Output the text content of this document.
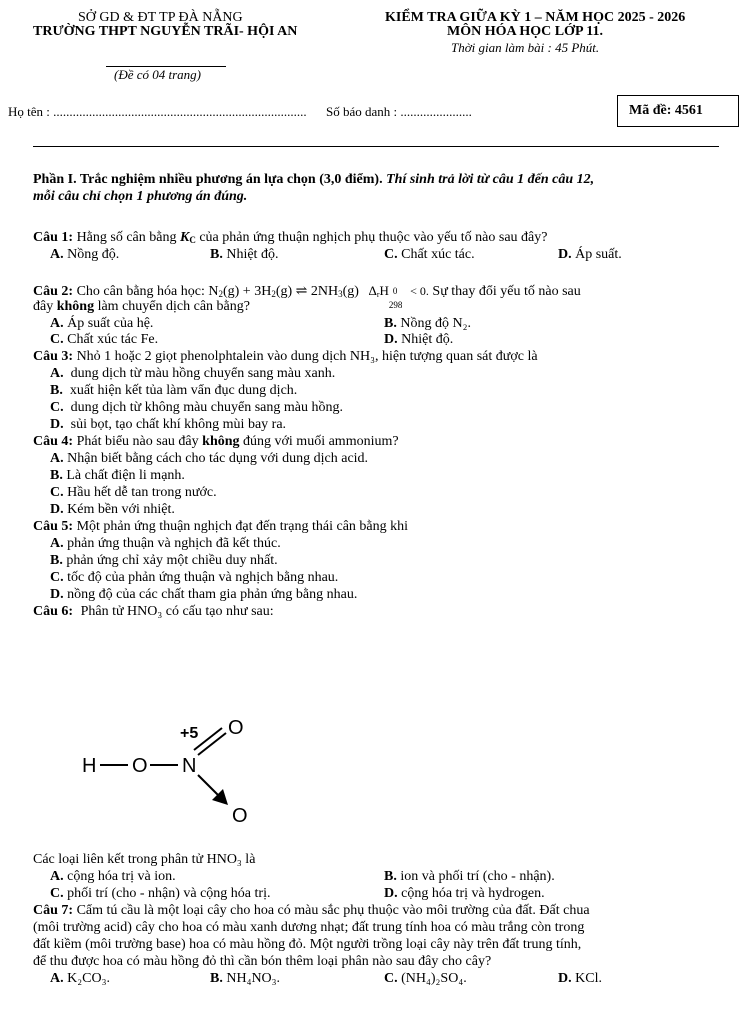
SỞ GD & ĐT TP ĐÀ NẴNG
TRƯỜNG THPT NGUYỄN TRÃI- HỘI AN
(Đề có 04 trang)
KIỂM TRA GIỮA KỲ 1 – NĂM HỌC 2025 - 2026
MÔN HÓA HỌC LỚP 11.
Thời gian làm bài : 45 Phút.
Họ tên : .............................................................................. Số báo danh : ......................	Mã đề: 4561
Phần I. Trắc nghiệm nhiều phương án lựa chọn (3,0 điểm). Thí sinh trả lời từ câu 1 đến câu 12,
mỗi câu chỉ chọn 1 phương án đúng.
Câu 1: Hằng số cân bằng $K_C$ của phản ứng thuận nghịch phụ thuộc vào yếu tố nào sau đây?
A. Nồng độ.	B. Nhiệt độ.	C. Chất xúc tác.	D. Áp suất.
Câu 2: Cho cân bằng hóa học: $N_2(g) + 3H_2(g)$ ⇌ $2NH_3(g)$ $\Delta_rH$ 0
298
< 0. Sự thay đổi yếu tố nào sau
đây không làm chuyển dịch cân bằng?
A. Áp suất của hệ.	B. Nồng độ N₂.
C. Chất xúc tác Fe.	D. Nhiệt độ.
Câu 3: Nhỏ 1 hoặc 2 giọt phenolphtalein vào dung dịch NH₃, hiện tượng quan sát được là
A. dung dịch từ màu hồng chuyển sang màu xanh.
B. xuất hiện kết tủa làm vẩn đục dung dịch.
C. dung dịch từ không màu chuyển sang màu hồng.
D. sủi bọt, tạo chất khí không mùi bay ra.
Câu 4: Phát biểu nào sau đây không đúng với muối ammonium?
A. Nhận biết bằng cách cho tác dụng với dung dịch acid.
B. Là chất điện li mạnh.
C. Hầu hết dễ tan trong nước.
D. Kém bền với nhiệt.
Câu 5: Một phản ứng thuận nghịch đạt đến trạng thái cân bằng khi
A. phản ứng thuận và nghịch đã kết thúc.
B. phản ứng chỉ xảy một chiều duy nhất.
C. tốc độ của phản ứng thuận và nghịch bằng nhau.
D. nồng độ của các chất tham gia phản ứng bằng nhau.
Câu 6: Phân tử HNO₃ có cấu tạo như sau:
H O N
+5 O
O
Các loại liên kết trong phân tử HNO₃ là
A. cộng hóa trị và ion.	B. ion và phối trí (cho - nhận).
C. phối trí (cho - nhận) và cộng hóa trị.	D. cộng hóa trị và hydrogen.
Câu 7: Cẩm tú cầu là một loại cây cho hoa có màu sắc phụ thuộc vào môi trường của đất. Đất chua
(môi trường acid) cây cho hoa có màu xanh dương nhạt; đất trung tính hoa có màu trắng còn trong
đất kiềm (môi trường base) hoa có màu hồng đỏ. Một người trồng loại cây này trên đất trung tính,
để thu được hoa có màu hồng đỏ thì cần bón thêm loại phân nào sau đây cho cây?
A. K₂CO₃.	B. NH₄NO₃.	C. (NH₄)₂SO₄.	D. KCl.
